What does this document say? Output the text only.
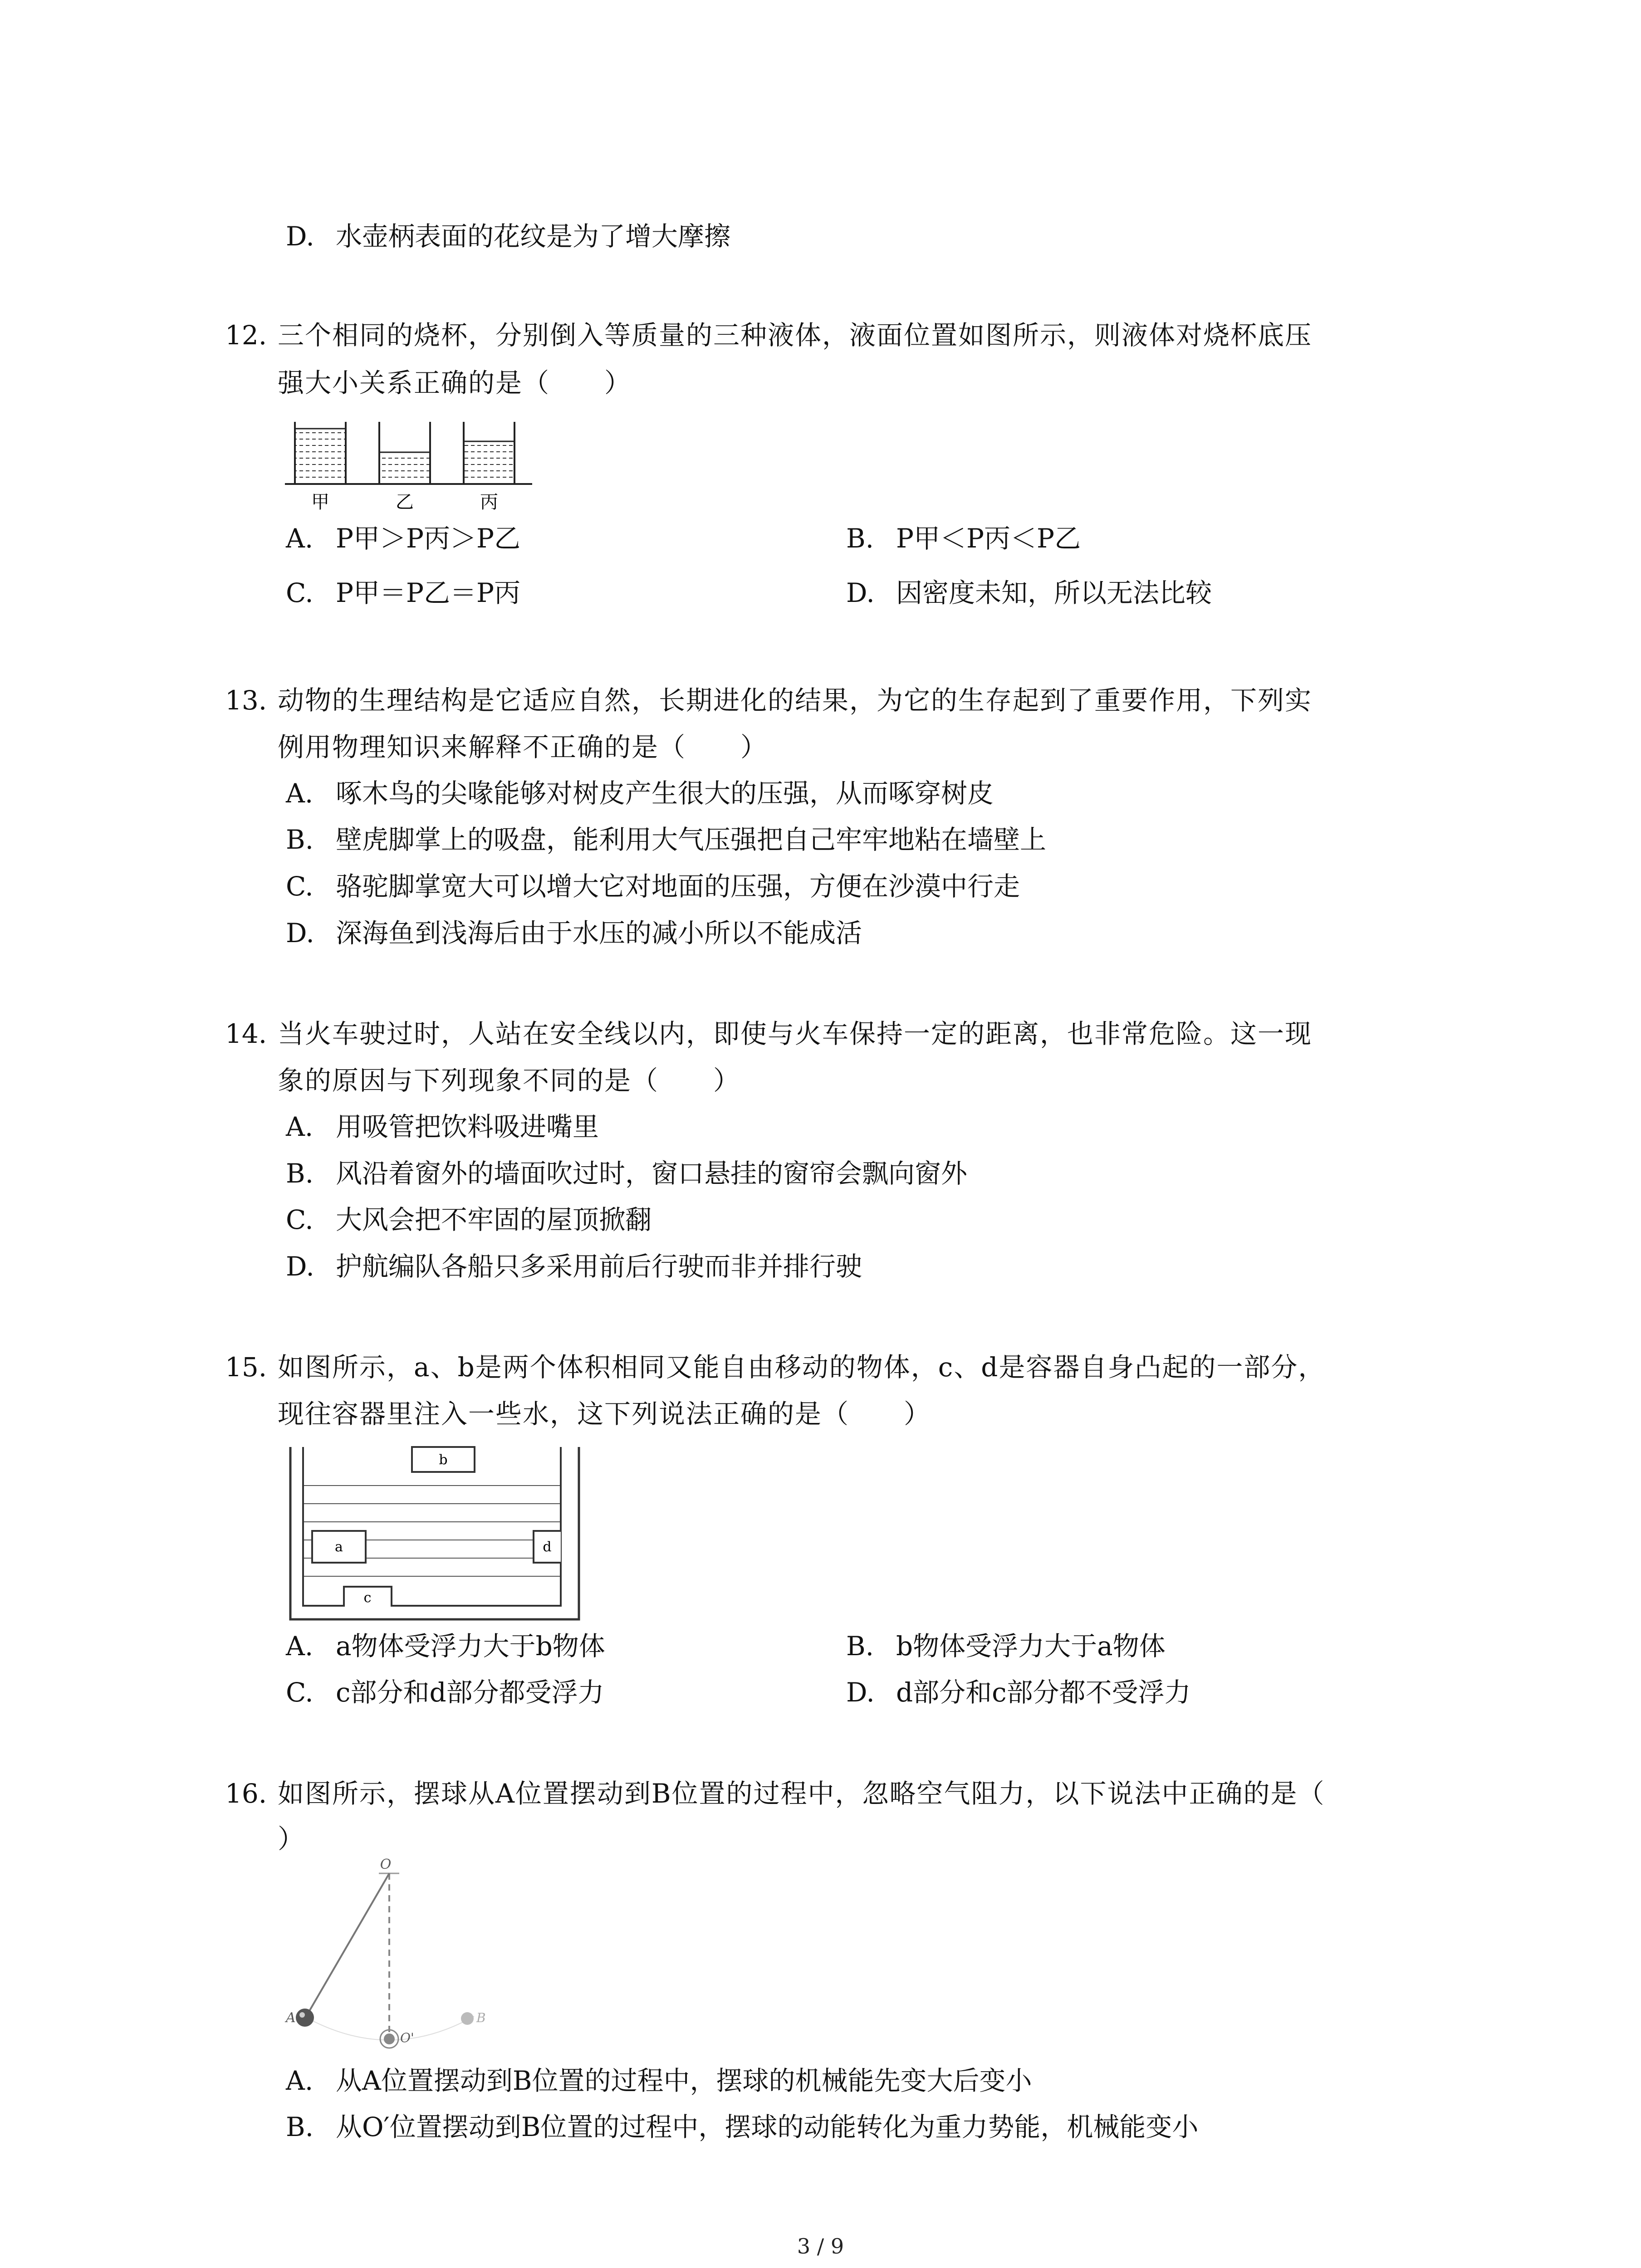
D. 水壶柄表面的花纹是为了增大摩擦
12. 三个相同的烧杯，分别倒入等质量的三种液体，液面位置如图所示，则液体对烧杯底压
强大小关系正确的是（　　）
甲	乙	丙
A. P甲＞P丙＞P乙	B. P甲＜P丙＜P乙
C. P甲＝P乙＝P丙	D. 因密度未知，所以无法比较
13. 动物的生理结构是它适应自然，长期进化的结果，为它的生存起到了重要作用，下列实
例用物理知识来解释不正确的是（　　）
A. 啄木鸟的尖喙能够对树皮产生很大的压强，从而啄穿树皮
B. 壁虎脚掌上的吸盘，能利用大气压强把自己牢牢地粘在墙壁上
C. 骆驼脚掌宽大可以增大它对地面的压强，方便在沙漠中行走
D. 深海鱼到浅海后由于水压的减小所以不能成活
14. 当火车驶过时，人站在安全线以内，即使与火车保持一定的距离，也非常危险。这一现
象的原因与下列现象不同的是（　　）
A. 用吸管把饮料吸进嘴里
B. 风沿着窗外的墙面吹过时，窗口悬挂的窗帘会飘向窗外
C. 大风会把不牢固的屋顶掀翻
D. 护航编队各船只多采用前后行驶而非并排行驶
15. 如图所示，a、b是两个体积相同又能自由移动的物体，c、d是容器自身凸起的一部分，
现往容器里注入一些水，这下列说法正确的是（　　）
b
a	d
c
A. a物体受浮力大于b物体	B. b物体受浮力大于a物体
C. c部分和d部分都受浮力	D. d部分和c部分都不受浮力
16. 如图所示，摆球从A位置摆动到B位置的过程中，忽略空气阻力，以下说法中正确的是（
）
O
A
O'
B
A. 从A位置摆动到B位置的过程中，摆球的机械能先变大后变小
B. 从O′位置摆动到B位置的过程中，摆球的动能转化为重力势能，机械能变小
3 / 9
